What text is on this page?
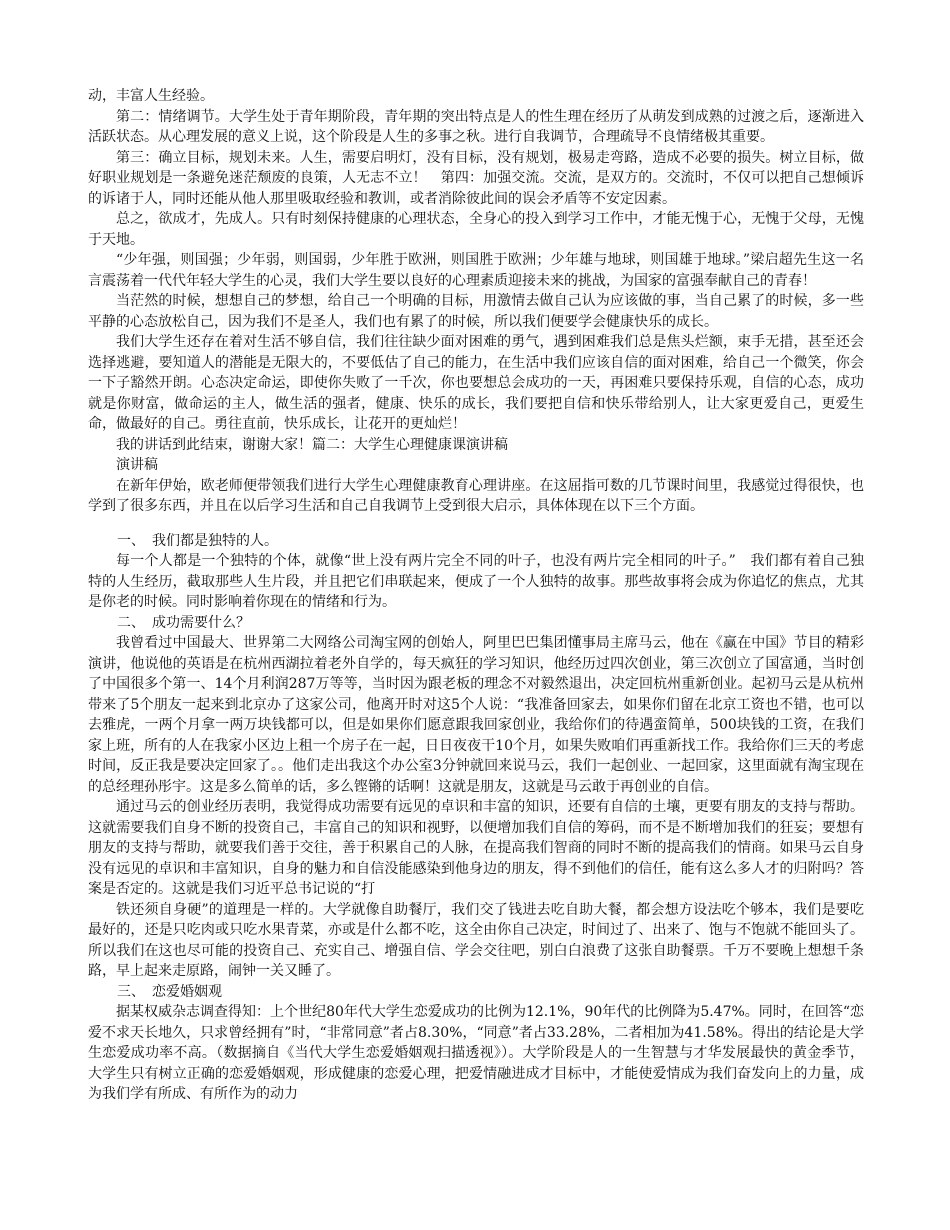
动，丰富人生经验。

第二：情绪调节。大学生处于青年期阶段，青年期的突出特点是人的性生理在经历了从萌发到成熟的过渡之后，逐渐进入活跃状态。从心理发展的意义上说，这个阶段是人生的多事之秋。进行自我调节，合理疏导不良情绪极其重要。

第三：确立目标，规划未来。人生，需要启明灯，没有目标，没有规划，极易走弯路，造成不必要的损失。树立目标，做好职业规划是一条避免迷茫颓废的良策，人无志不立！　第四：加强交流。交流，是双方的。交流时，不仅可以把自己想倾诉的诉诸于人，同时还能从他人那里吸取经验和教训，或者消除彼此间的误会矛盾等不安定因素。

总之，欲成才，先成人。只有时刻保持健康的心理状态，全身心的投入到学习工作中，才能无愧于心，无愧于父母，无愧于天地。

“少年强，则国强；少年弱，则国弱，少年胜于欧洲，则国胜于欧洲；少年雄与地球，则国雄于地球。”梁启超先生这一名言震荡着一代代年轻大学生的心灵，我们大学生要以良好的心理素质迎接未来的挑战，为国家的富强奉献自己的青春！

当茫然的时候，想想自己的梦想，给自己一个明确的目标，用激情去做自己认为应该做的事，当自己累了的时候，多一些平静的心态放松自己，因为我们不是圣人，我们也有累了的时候，所以我们便要学会健康快乐的成长。

我们大学生还存在着对生活不够自信，我们往往缺少面对困难的勇气，遇到困难我们总是焦头烂额，束手无措，甚至还会选择逃避，要知道人的潜能是无限大的，不要低估了自己的能力，在生活中我们应该自信的面对困难，给自己一个微笑，你会一下子豁然开朗。心态决定命运，即使你失败了一千次，你也要想总会成功的一天，再困难只要保持乐观，自信的心态，成功就是你财富，做命运的主人，做生活的强者，健康、快乐的成长，我们要把自信和快乐带给别人，让大家更爱自己，更爱生命，做最好的自己。勇往直前，快乐成长，让花开的更灿烂！

我的讲话到此结束，谢谢大家！篇二：大学生心理健康课演讲稿

演讲稿

在新年伊始，欧老师便带领我们进行大学生心理健康教育心理讲座。在这屈指可数的几节课时间里，我感觉过得很快，也学到了很多东西，并且在以后学习生活和自己自我调节上受到很大启示，具体体现在以下三个方面。

一、　我们都是独特的人。

每一个人都是一个独特的个体，就像“世上没有两片完全不同的叶子，也没有两片完全相同的叶子。”　我们都有着自己独特的人生经历，截取那些人生片段，并且把它们串联起来，便成了一个人独特的故事。那些故事将会成为你追忆的焦点，尤其是你老的时候。同时影响着你现在的情绪和行为。

二、　成功需要什么？

我曾看过中国最大、世界第二大网络公司淘宝网的创始人，阿里巴巴集团懂事局主席马云，他在《赢在中国》节目的精彩演讲，他说他的英语是在杭州西湖拉着老外自学的，每天疯狂的学习知识，他经历过四次创业，第三次创立了国富通，当时创了中国很多个第一、14个月利润287万等等，当时因为跟老板的理念不对毅然退出，决定回杭州重新创业。起初马云是从杭州带来了5个朋友一起来到北京办了这家公司，他离开时对这5个人说：“我准备回家去，如果你们留在北京工资也不错，也可以去雅虎，一两个月拿一两万块钱都可以，但是如果你们愿意跟我回家创业，我给你们的待遇蛮简单，500块钱的工资，在我们家上班，所有的人在我家小区边上租一个房子在一起，日日夜夜干10个月，如果失败咱们再重新找工作。我给你们三天的考虑时间，反正我是要决定回家了。。他们走出我这个办公室3分钟就回来说马云，我们一起创业、一起回家，这里面就有淘宝现在的总经理孙彤宇。这是多么简单的话，多么铿锵的话啊！这就是朋友，这就是马云敢于再创业的自信。

通过马云的创业经历表明，我觉得成功需要有远见的卓识和丰富的知识，还要有自信的土壤，更要有朋友的支持与帮助。这就需要我们自身不断的投资自己，丰富自己的知识和视野，以便增加我们自信的筹码，而不是不断增加我们的狂妄；要想有朋友的支持与帮助，就要我们善于交往，善于积累自己的人脉，在提高我们智商的同时不断的提高我们的情商。如果马云自身没有远见的卓识和丰富知识，自身的魅力和自信没能感染到他身边的朋友，得不到他们的信任，能有这么多人才的归附吗？答案是否定的。这就是我们习近平总书记说的“打

铁还须自身硬”的道理是一样的。大学就像自助餐厅，我们交了钱进去吃自助大餐，都会想方设法吃个够本，我们是要吃最好的，还是只吃肉或只吃水果青菜，亦或是什么都不吃，这全由你自己决定，时间过了、出来了、饱与不饱就不能回头了。所以我们在这也尽可能的投资自己、充实自己、增强自信、学会交往吧，别白白浪费了这张自助餐票。千万不要晚上想想千条路，早上起来走原路，闹钟一关又睡了。

三、　恋爱婚姻观

据某权威杂志调查得知：上个世纪80年代大学生恋爱成功的比例为12.1%，90年代的比例降为5.47%。同时，在回答“恋爱不求天长地久，只求曾经拥有”时，“非常同意”者占8.30%，“同意”者占33.28%，二者相加为41.58%。得出的结论是大学生恋爱成功率不高。（数据摘自《当代大学生恋爱婚姻观扫描透视》）。大学阶段是人的一生智慧与才华发展最快的黄金季节，大学生只有树立正确的恋爱婚姻观，形成健康的恋爱心理，把爱情融进成才目标中，才能使爱情成为我们奋发向上的力量，成为我们学有所成、有所作为的动力
